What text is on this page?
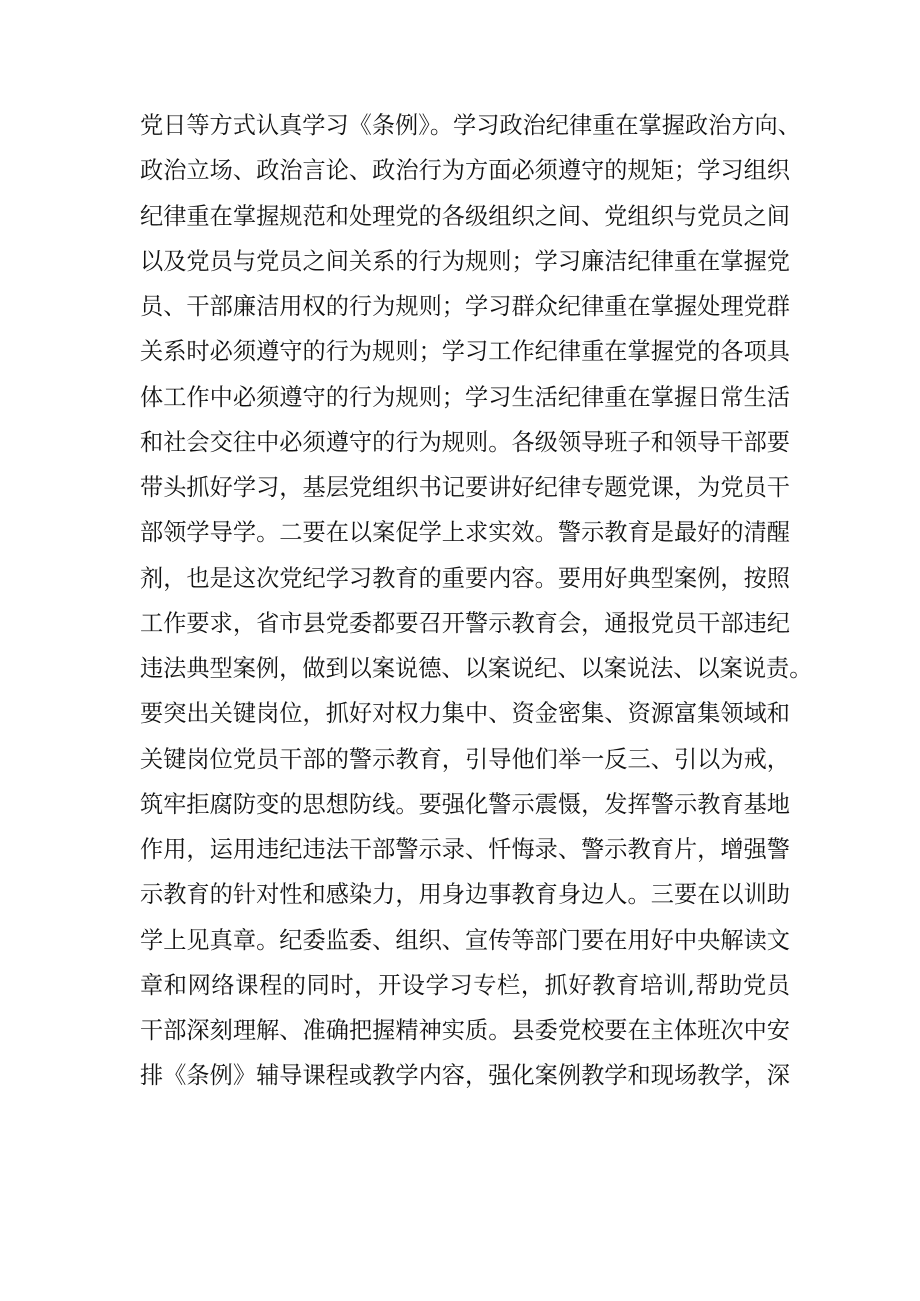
党日等方式认真学习《条例》。学习政治纪律重在掌握政治方向、
政治立场、政治言论、政治行为方面必须遵守的规矩；学习组织
纪律重在掌握规范和处理党的各级组织之间、党组织与党员之间
以及党员与党员之间关系的行为规则；学习廉洁纪律重在掌握党
员、干部廉洁用权的行为规则；学习群众纪律重在掌握处理党群
关系时必须遵守的行为规则；学习工作纪律重在掌握党的各项具
体工作中必须遵守的行为规则；学习生活纪律重在掌握日常生活
和社会交往中必须遵守的行为规则。各级领导班子和领导干部要
带头抓好学习，基层党组织书记要讲好纪律专题党课，为党员干
部领学导学。二要在以案促学上求实效。警示教育是最好的清醒
剂，也是这次党纪学习教育的重要内容。要用好典型案例，按照
工作要求，省市县党委都要召开警示教育会，通报党员干部违纪
违法典型案例，做到以案说德、以案说纪、以案说法、以案说责。
要突出关键岗位，抓好对权力集中、资金密集、资源富集领域和
关键岗位党员干部的警示教育，引导他们举一反三、引以为戒，
筑牢拒腐防变的思想防线。要强化警示震慑，发挥警示教育基地
作用，运用违纪违法干部警示录、忏悔录、警示教育片，增强警
示教育的针对性和感染力，用身边事教育身边人。三要在以训助
学上见真章。纪委监委、组织、宣传等部门要在用好中央解读文
章和网络课程的同时，开设学习专栏，抓好教育培训,帮助党员
干部深刻理解、准确把握精神实质。县委党校要在主体班次中安
排《条例》辅导课程或教学内容，强化案例教学和现场教学，深
